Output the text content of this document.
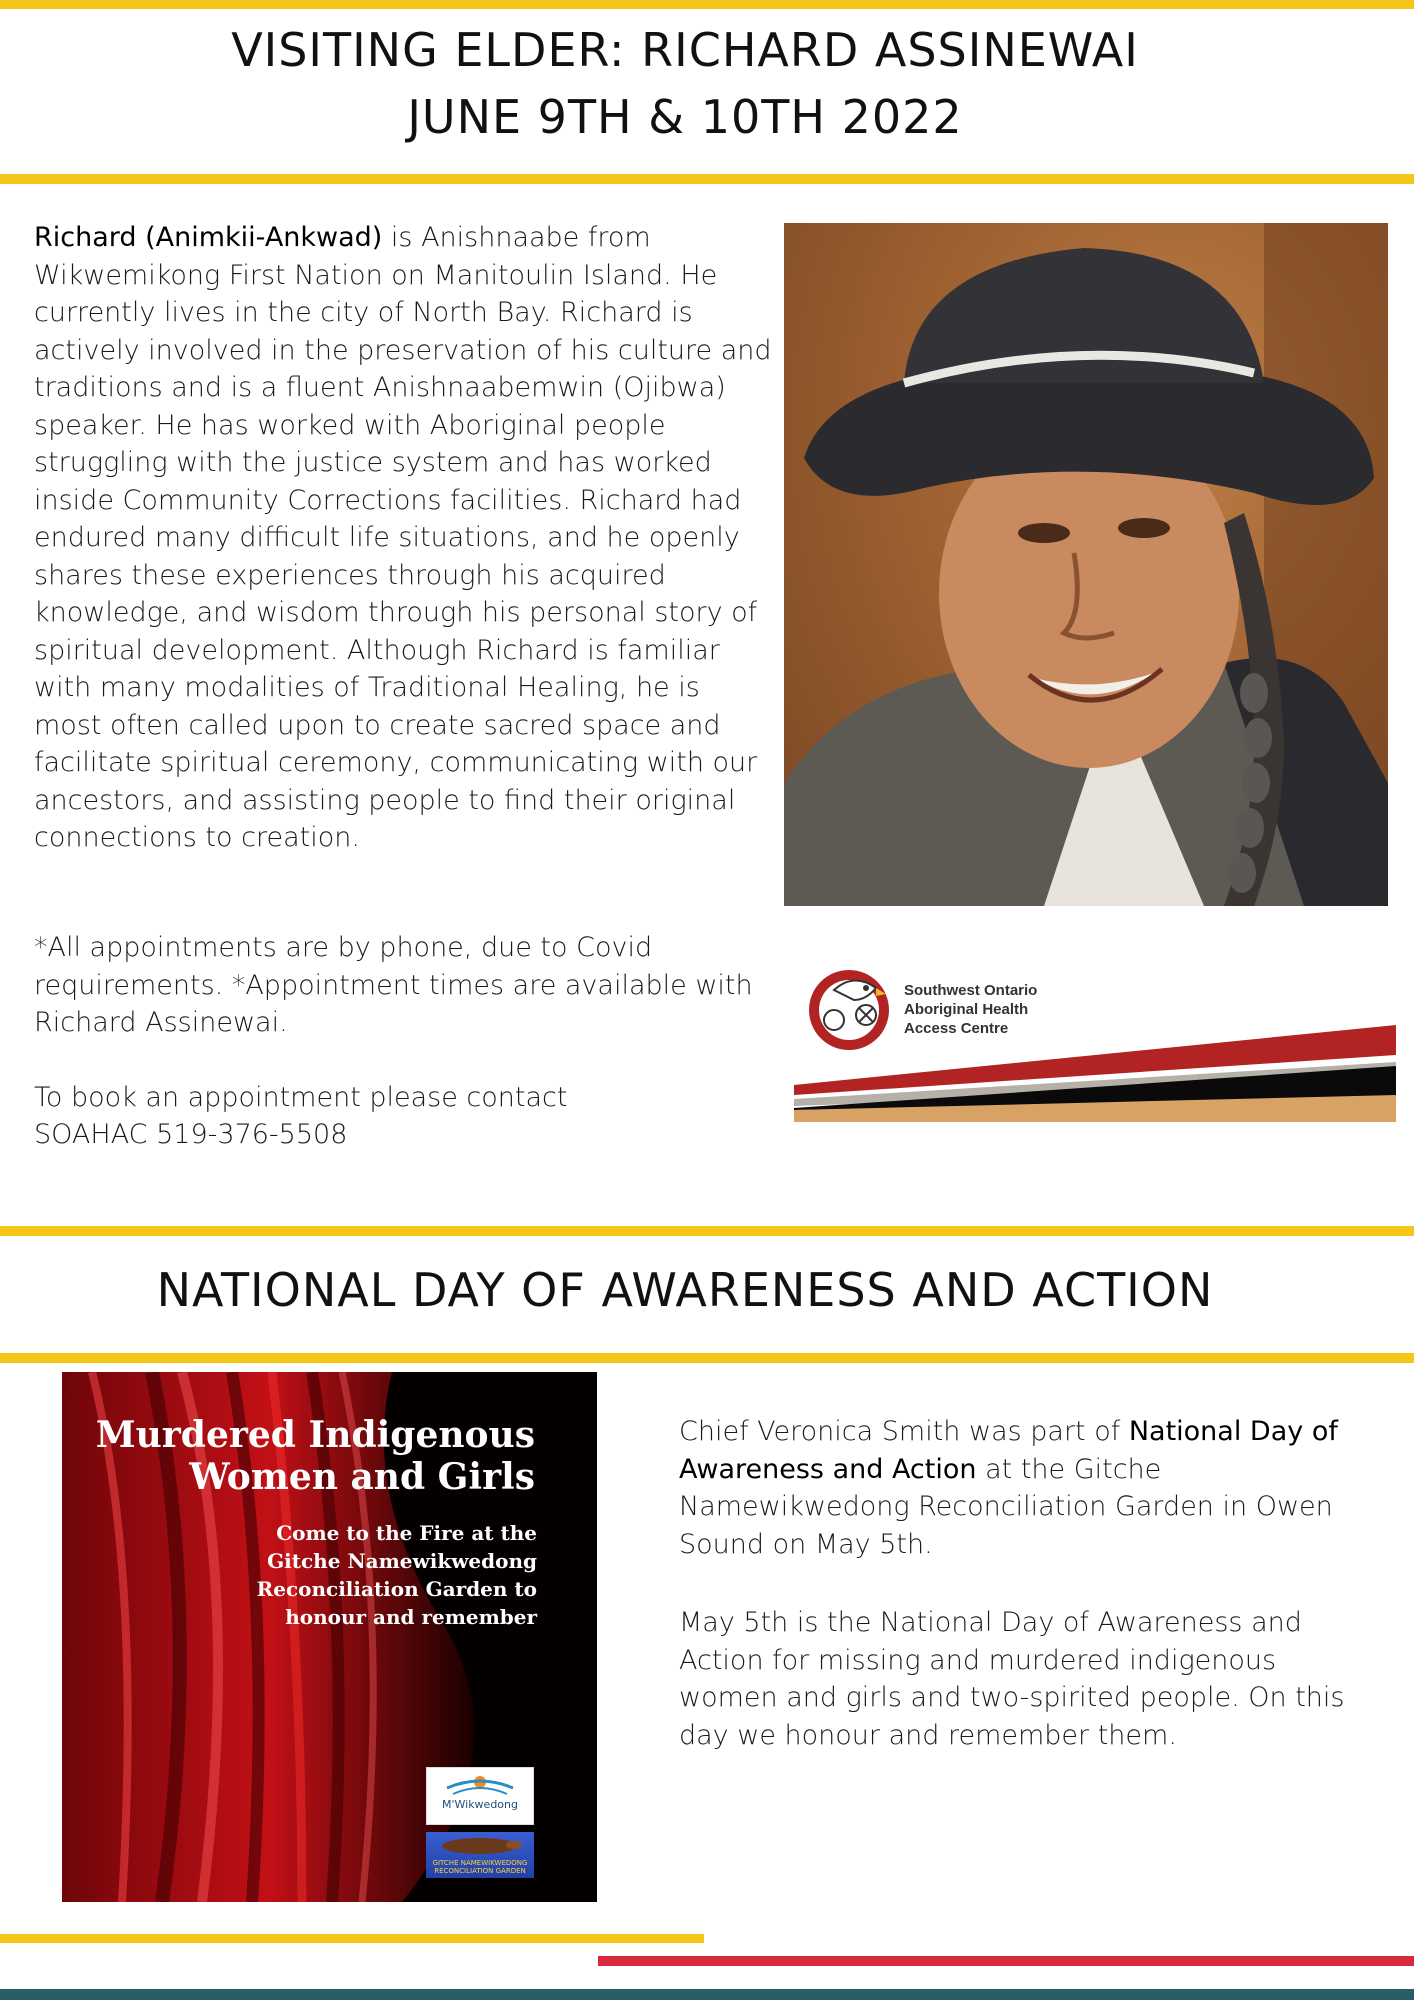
VISITING ELDER: RICHARD ASSINEWAI
JUNE 9TH & 10TH 2022

Richard (Animkii-Ankwad) is Anishnaabe from Wikwemikong First Nation on Manitoulin Island. He currently lives in the city of North Bay. Richard is actively involved in the preservation of his culture and traditions and is a fluent Anishnaabemwin (Ojibwa) speaker. He has worked with Aboriginal people struggling with the justice system and has worked inside Community Corrections facilities. Richard had endured many difficult life situations, and he openly shares these experiences through his acquired knowledge, and wisdom through his personal story of spiritual development. Although Richard is familiar with many modalities of Traditional Healing, he is most often called upon to create sacred space and facilitate spiritual ceremony, communicating with our ancestors, and assisting people to find their original connections to creation.

*All appointments are by phone, due to Covid requirements. *Appointment times are available with Richard Assinewai.

To book an appointment please contact

SOAHAC 519-376-5508

Southwest Ontario
Aboriginal Health
Access Centre
NATIONAL DAY OF AWARENESS AND ACTION

Murdered Indigenous Women and Girls

Come to the Fire at the Gitche Namewikwedong Reconciliation Garden to honour and remember

M'Wikwedong
GITCHE NAMEWIKWEDONG RECONCILIATION GARDEN

Chief Veronica Smith was part of National Day of Awareness and Action at the Gitche Namewikwedong Reconciliation Garden in Owen Sound on May 5th.

May 5th is the National Day of Awareness and Action for missing and murdered indigenous women and girls and two-spirited people. On this day we honour and remember them.
